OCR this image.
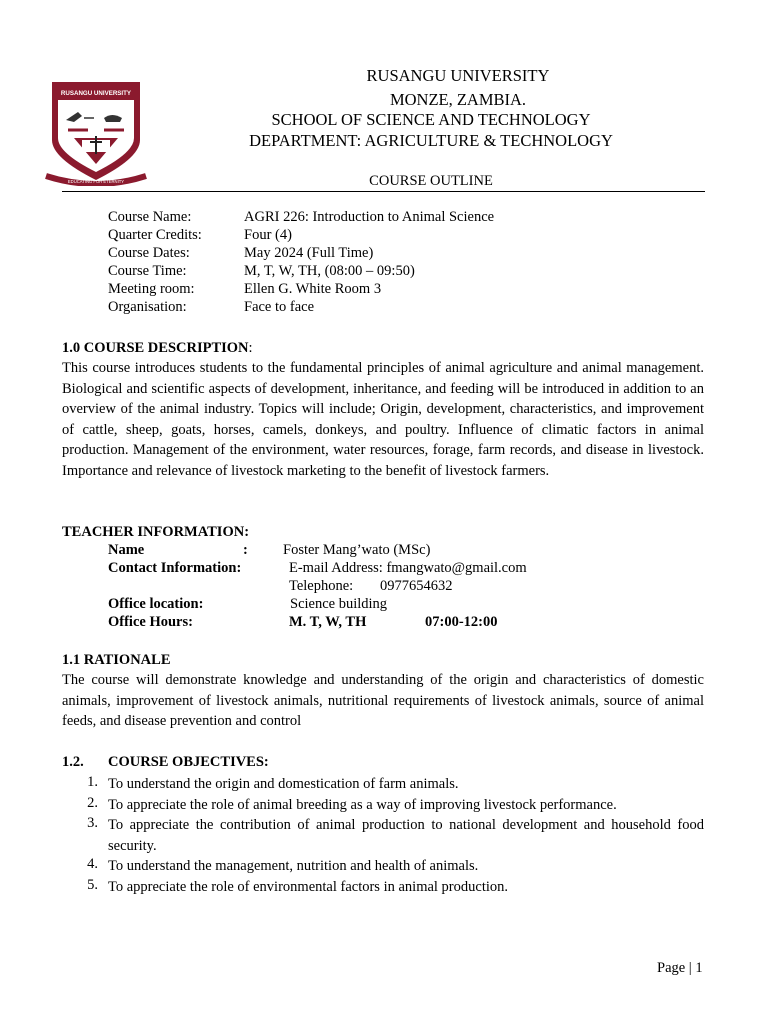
RUSANGU UNIVERSITY
EDUCATING FOR ETERNITY
RUSANGU UNIVERSITY
MONZE, ZAMBIA.
SCHOOL OF SCIENCE AND TECHNOLOGY
DEPARTMENT: AGRICULTURE & TECHNOLOGY
COURSE OUTLINE
Course Name:	AGRI 226: Introduction to Animal Science
Quarter Credits:	Four (4)
Course Dates:	May 2024 (Full Time)
Course Time:	M, T, W, TH, (08:00 – 09:50)
Meeting room:	Ellen G. White Room 3
Organisation:	Face to face
1.0 COURSE DESCRIPTION:
This course introduces students to the fundamental principles of animal agriculture and animal management. Biological and scientific aspects of development, inheritance, and feeding will be introduced in addition to an overview of the animal industry. Topics will include; Origin, development, characteristics, and improvement of cattle, sheep, goats, horses, camels, donkeys, and poultry. Influence of climatic factors in animal production. Management of the environment, water resources, forage, farm records, and disease in livestock. Importance and relevance of livestock marketing to the benefit of livestock farmers.
TEACHER INFORMATION:
Name	: Foster Mang’wato (MSc)
Contact Information:	E-mail Address: fmangwato@gmail.com
Telephone: 0977654632
Office location:	Science building
Office Hours:	M. T, W, TH	07:00-12:00
1.1 RATIONALE
The course will demonstrate knowledge and understanding of the origin and characteristics of domestic animals, improvement of livestock animals, nutritional requirements of livestock animals, source of animal feeds, and disease prevention and control
1.2. COURSE OBJECTIVES:
1. To understand the origin and domestication of farm animals.
2. To appreciate the role of animal breeding as a way of improving livestock performance.
3. To appreciate the contribution of animal production to national development and household food security.
4. To understand the management, nutrition and health of animals.
5. To appreciate the role of environmental factors in animal production.
Page | 1
